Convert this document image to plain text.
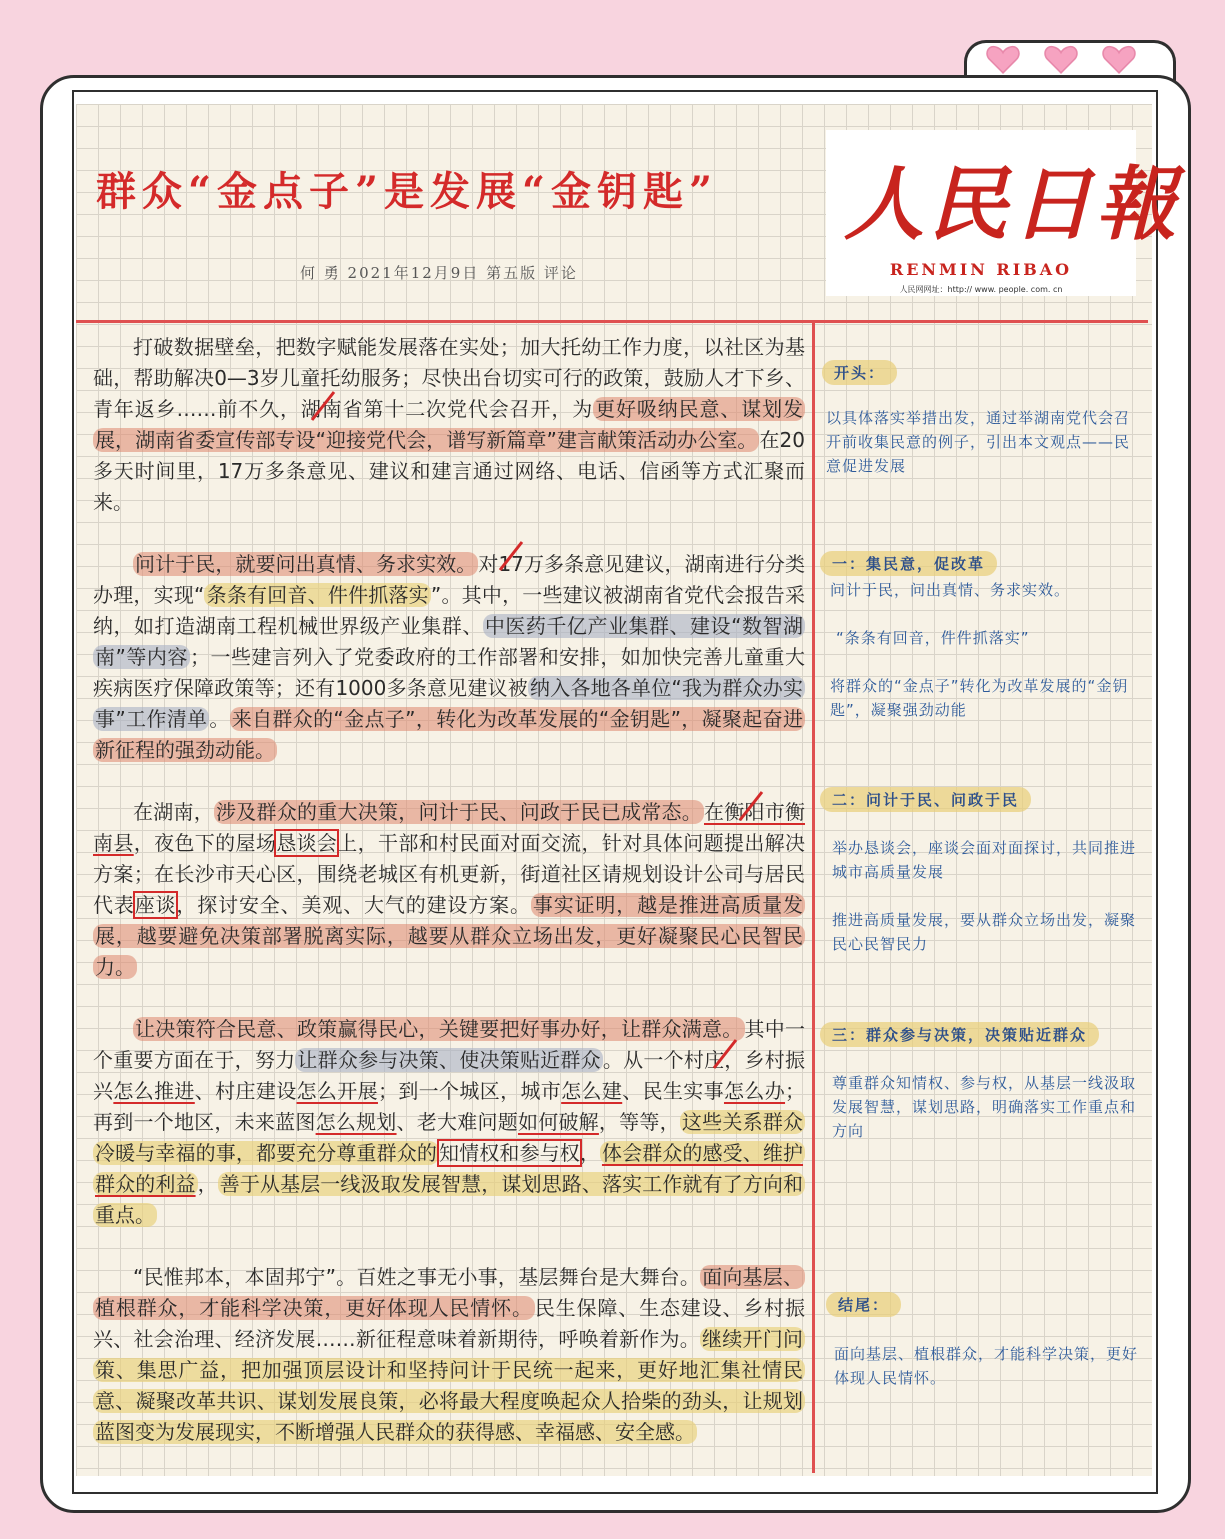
群众“金点子”是发展“金钥匙”
何 勇 2021年12月9日 第五版 评论
人民日報
RENMIN RIBAO
人民网网址：http:// www. people. com. cn

打破数据壁垒，把数字赋能发展落在实处；加大托幼工作力度，以社区为基础，帮助解决0—3岁儿童托幼服务；尽快出台切实可行的政策，鼓励人才下乡、青年返乡……前不久，湖南省第十二次党代会召开，为 更好吸纳民意、谋划发展，湖南省委宣传部专设“迎接党代会，谱写新篇章”建言献策活动办公室。 在20多天时间里，17万多条意见、建议和建言通过网络、电话、信函等方式汇聚而来。

问计于民，就要问出真情、务求实效。 对17万多条意见建议，湖南进行分类办理，实现“ 条条有回音、件件抓落实 ”。其中，一些建议被湖南省党代会报告采纳，如打造湖南工程机械世界级产业集群、 中医药千亿产业集群、建设“数智湖南”等内容 ；一些建言列入了党委政府的工作部署和安排，如加快完善儿童重大疾病医疗保障政策等；还有1000多条意见建议被 纳入各地各单位“我为群众办实事”工作清单 。 来自群众的“金点子”，转化为改革发展的“金钥匙”，凝聚起奋进新征程的强劲动能。

在湖南， 涉及群众的重大决策，问计于民、问政于民已成常态。 在衡阳市衡南县，夜色下的屋场恳谈会上，干部和村民面对面交流，针对具体问题提出解决方案；在长沙市天心区，围绕老城区有机更新，街道社区请规划设计公司与居民代表座谈，探讨安全、美观、大气的建设方案。 事实证明，越是推进高质量发展，越要避免决策部署脱离实际，越要从群众立场出发，更好凝聚民心民智民力。

让决策符合民意、政策赢得民心，关键要把好事办好，让群众满意。 其中一个重要方面在于，努力 让群众参与决策、使决策贴近群众 。从一个村庄，乡村振兴怎么推进、村庄建设怎么开展；到一个城区，城市怎么建、民生实事怎么办；再到一个地区，未来蓝图怎么规划、老大难问题如何破解，等等， 这些关系群众冷暖与幸福的事，都要充分尊重群众的 知情权和参与权， 体会群众的感受、维护群众的利益 ， 善于从基层一线汲取发展智慧，谋划思路、落实工作就有了方向和重点。

“民惟邦本，本固邦宁”。百姓之事无小事，基层舞台是大舞台。 面向基层、植根群众，才能科学决策，更好体现人民情怀。 民生保障、生态建设、乡村振兴、社会治理、经济发展……新征程意味着新期待，呼唤着新作为。 继续开门问策、集思广益，把加强顶层设计和坚持问计于民统一起来，更好地汇集社情民意、凝聚改革共识、谋划发展良策，必将最大程度唤起众人拾柴的劲头，让规划蓝图变为发展现实，不断增强人民群众的获得感、幸福感、安全感。

开头：
以具体落实举措出发，通过举湖南党代会召开前收集民意的例子，引出本文观点——民意促进发展
一：集民意，促改革
问计于民，问出真情、务求实效。
“条条有回音，件件抓落实”
将群众的“金点子”转化为改革发展的“金钥匙”，凝聚强劲动能
二：问计于民、问政于民
举办恳谈会，座谈会面对面探讨，共同推进城市高质量发展
推进高质量发展，要从群众立场出发，凝聚民心民智民力
三：群众参与决策，决策贴近群众
尊重群众知情权、参与权，从基层一线汲取发展智慧，谋划思路，明确落实工作重点和方向
结尾：
面向基层、植根群众，才能科学决策，更好体现人民情怀。
